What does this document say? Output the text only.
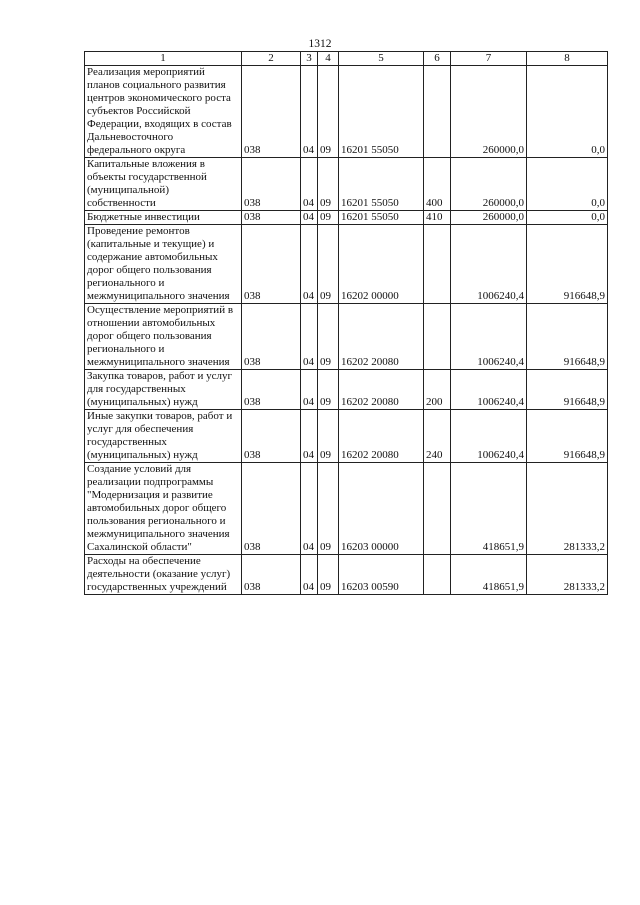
1312
1	2	3	4	5	6	7	8
Реализация мероприятий планов социального развития центров экономического роста субъектов Российской Федерации, входящих в состав Дальневосточного федерального округа	038	04	09	16201 55050		260000,0	0,0
Капитальные вложения в объекты государственной (муниципальной) собственности	038	04	09	16201 55050	400	260000,0	0,0
Бюджетные инвестиции	038	04	09	16201 55050	410	260000,0	0,0
Проведение ремонтов (капитальные и текущие) и содержание автомобильных дорог общего пользования регионального и межмуниципального значения	038	04	09	16202 00000		1006240,4	916648,9
Осуществление мероприятий в отношении автомобильных дорог общего пользования регионального и межмуниципального значения	038	04	09	16202 20080		1006240,4	916648,9
Закупка товаров, работ и услуг для государственных (муниципальных) нужд	038	04	09	16202 20080	200	1006240,4	916648,9
Иные закупки товаров, работ и услуг для обеспечения государственных (муниципальных) нужд	038	04	09	16202 20080	240	1006240,4	916648,9
Создание условий для реализации подпрограммы "Модернизация и развитие автомобильных дорог общего пользования регионального и межмуниципального значения Сахалинской области"	038	04	09	16203 00000		418651,9	281333,2
Расходы на обеспечение деятельности (оказание услуг) государственных учреждений	038	04	09	16203 00590		418651,9	281333,2
